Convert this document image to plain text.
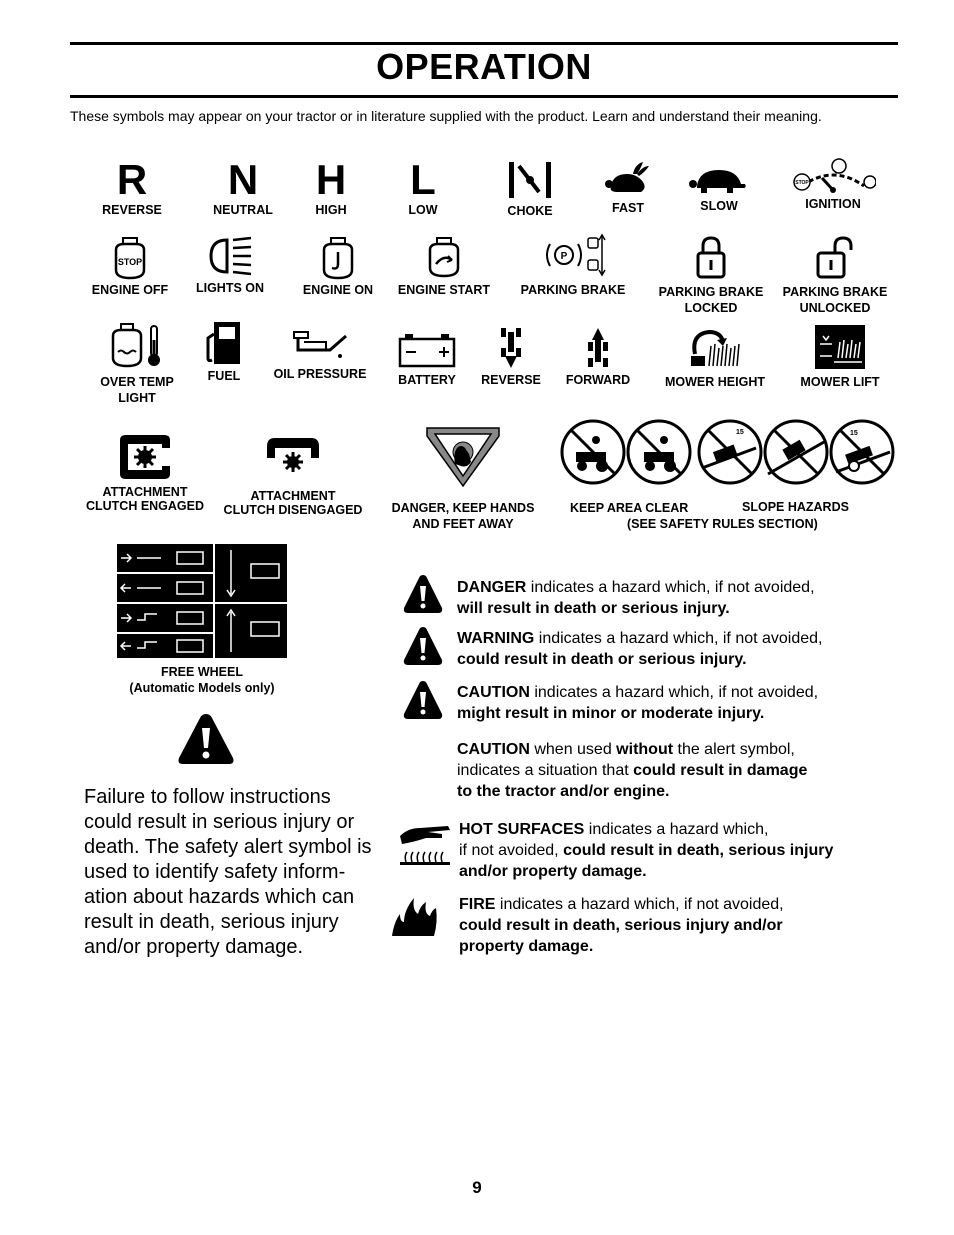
OPERATION
These symbols may appear on your tractor or in literature supplied with the product. Learn and understand their meaning.
R
REVERSE
N
NEUTRAL
H
HIGH
L
LOW	CHOKE	FAST	SLOW
STOP
IGNITION
STOP
ENGINE OFF	LIGHTS ON	ENGINE ON	ENGINE START
P
PARKING BRAKE	PARKING BRAKE
LOCKED
PARKING BRAKE
UNLOCKED
OVER TEMP
LIGHT
FUEL	OIL PRESSURE	BATTERY	REVERSE	FORWARD	MOWER HEIGHT	MOWER LIFT
ATTACHMENT
CLUTCH ENGAGED
ATTACHMENT
CLUTCH DISENGAGED	DANGER, KEEP HANDS
AND FEET AWAY
15	15
KEEP AREA CLEAR	SLOPE HAZARDS
(SEE SAFETY RULES SECTION)
FREE WHEEL
(Automatic Models only)
Failure to follow instructions could result in serious injury or death. The safety alert symbol is used to identify safety inform-ation about hazards which can result in death, serious injury and/or property damage.
DANGER indicates a hazard which, if not avoided,
will result in death or serious injury.
WARNING indicates a hazard which, if not avoided,
could result in death or serious injury.
CAUTION indicates a hazard which, if not avoided,
might result in minor or moderate injury.
CAUTION when used without the alert symbol,
indicates a situation that could result in damage
to the tractor and/or engine.
HOT SURFACES indicates a hazard which,
if not avoided, could result in death, serious injury
and/or property damage.
FIRE indicates a hazard which, if not avoided,
could result in death, serious injury and/or
property damage.
9
